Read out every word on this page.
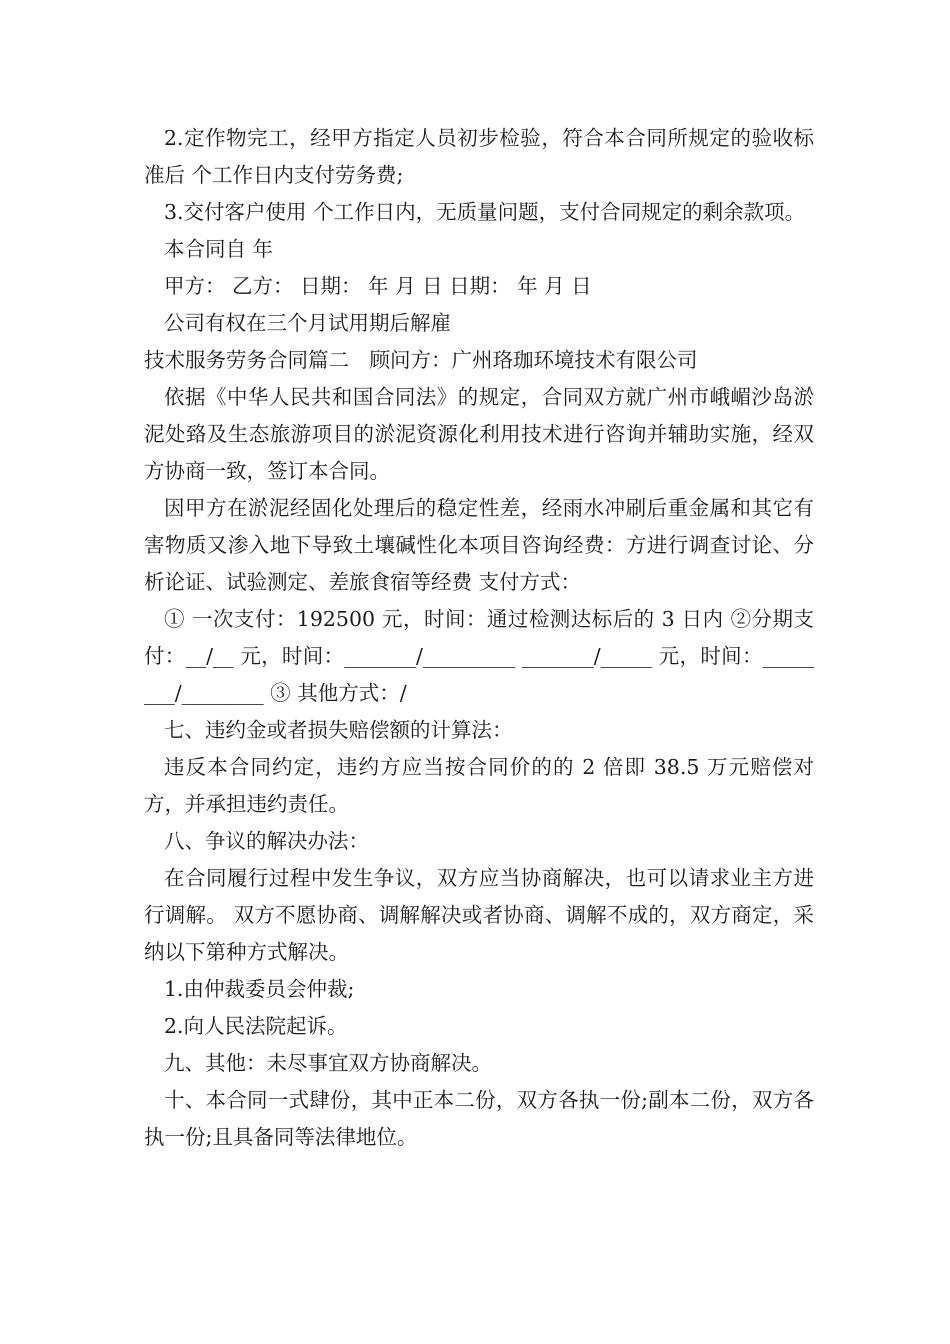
2.定作物完工，经甲方指定人员初步检验，符合本合同所规定的验收标准后 个工作日内支付劳务费;

3.交付客户使用 个工作日内，无质量问题，支付合同规定的剩余款项。

本合同自 年

甲方： 乙方： 日期： 年 月 日 日期： 年 月 日

公司有权在三个月试用期后解雇

技术服务劳务合同篇二　顾问方：广州珞珈环境技术有限公司

依据《中华人民共和国合同法》的规定，合同双方就广州市峨嵋沙岛淤泥处臵及生态旅游项目的淤泥资源化利用技术进行咨询并辅助实施，经双方协商一致，签订本合同。

因甲方在淤泥经固化处理后的稳定性差，经雨水冲刷后重金属和其它有害物质又渗入地下导致土壤碱性化本项目咨询经费：方进行调查讨论、分析论证、试验测定、差旅食宿等经费 支付方式：

① 一次支付：192500 元，时间：通过检测达标后的 3 日内 ②分期支付：__/__ 元，时间：_______/_________ _______/_____ 元，时间：________/________ ③ 其他方式：/

七、违约金或者损失赔偿额的计算法：

违反本合同约定，违约方应当按合同价的的 2 倍即 38.5 万元赔偿对方，并承担违约责任。

八、争议的解决办法：

在合同履行过程中发生争议，双方应当协商解决，也可以请求业主方进行调解。 双方不愿协商、调解解决或者协商、调解不成的，双方商定，采纳以下第种方式解决。

1.由仲裁委员会仲裁;

2.向人民法院起诉。

九、其他：未尽事宜双方协商解决。

十、本合同一式肆份，其中正本二份，双方各执一份;副本二份，双方各执一份;且具备同等法律地位。
